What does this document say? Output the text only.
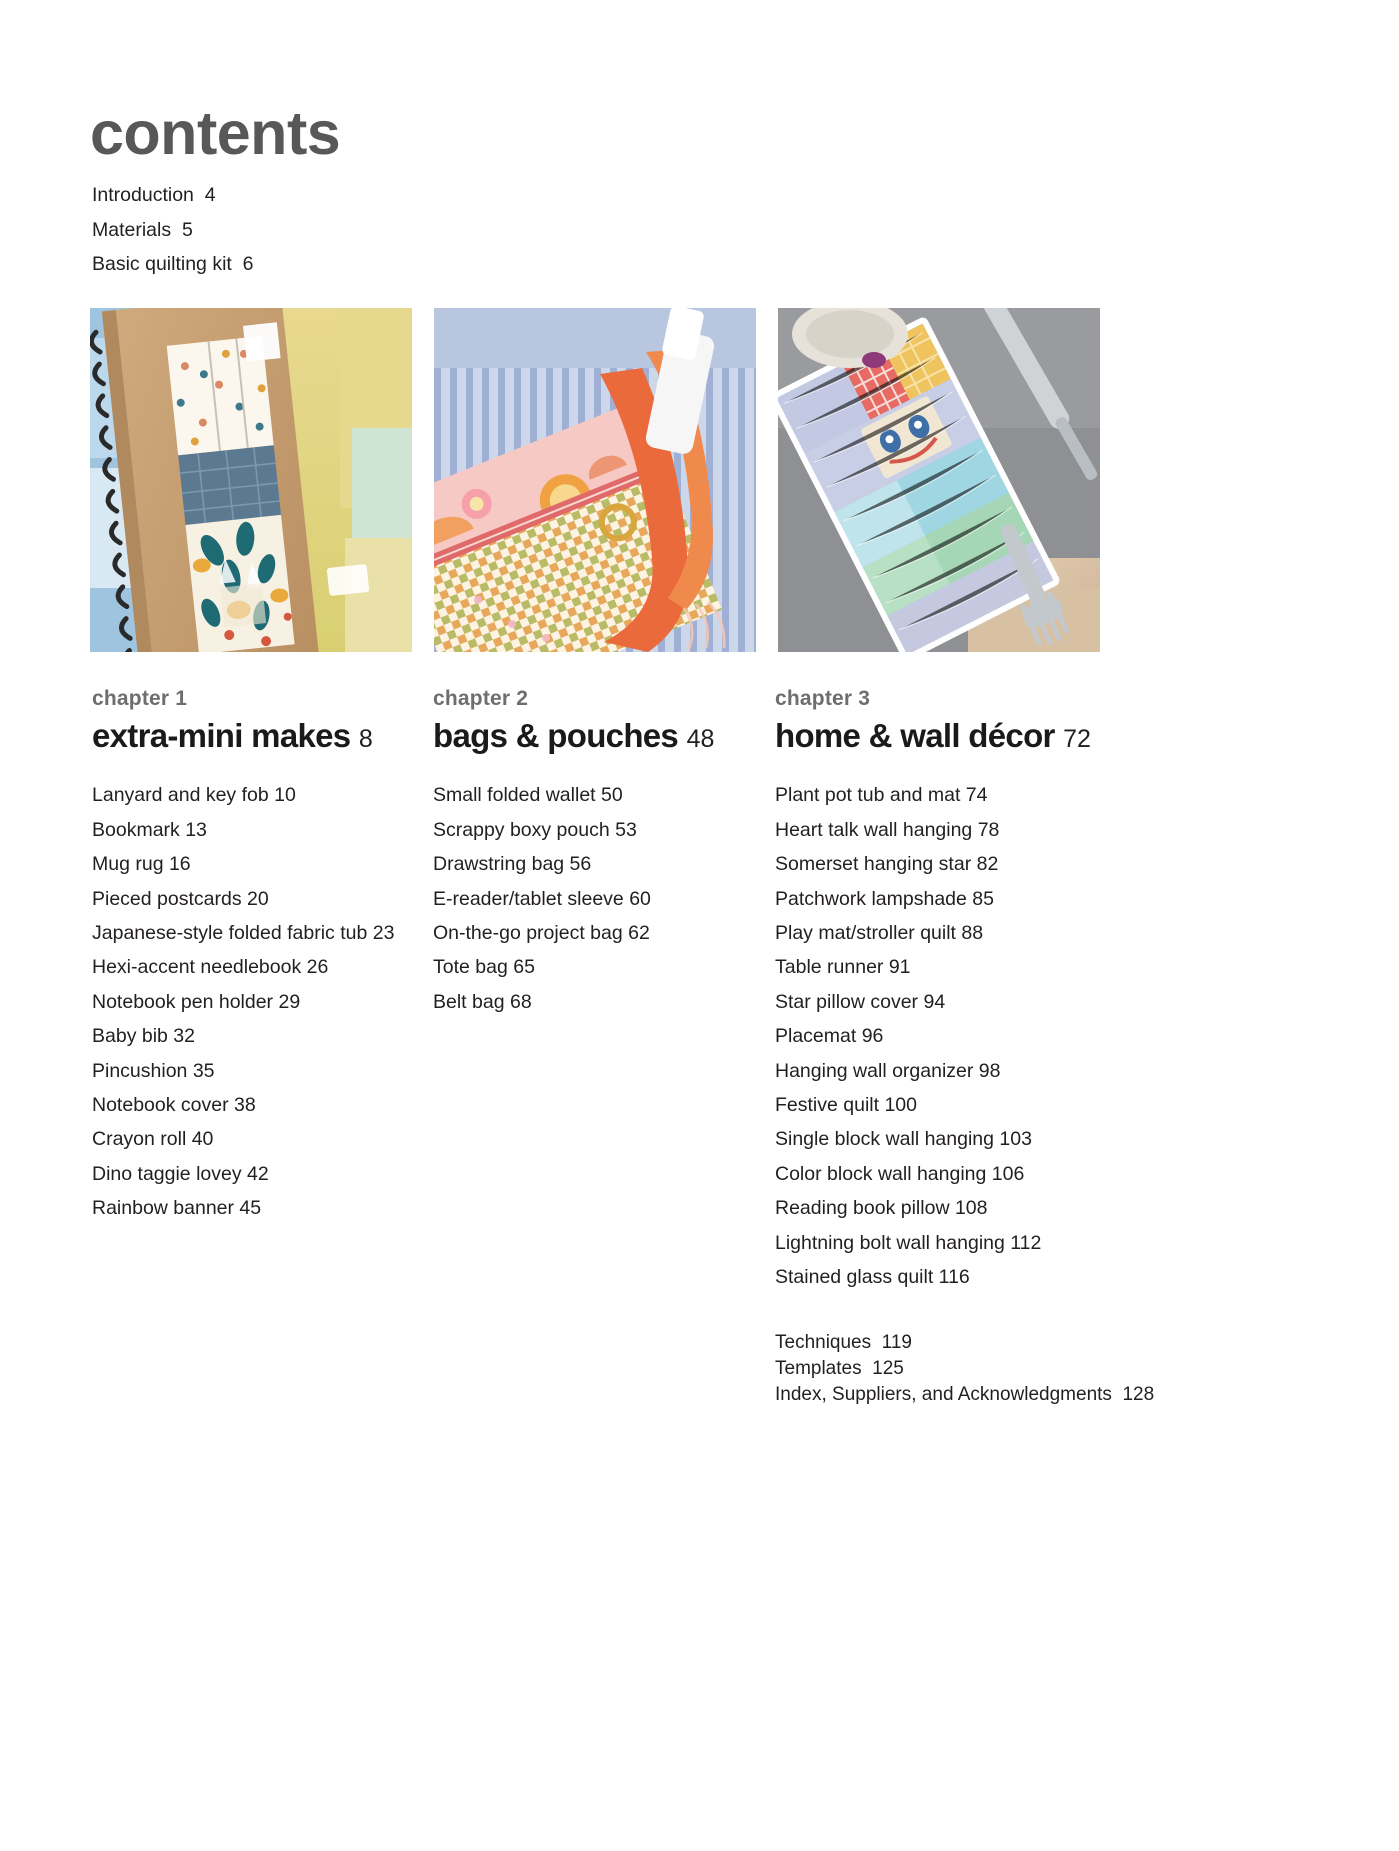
contents
Introduction  4
Materials  5
Basic quilting kit  6
chapter 1
extra-mini makes 8
Lanyard and key fob 10
Bookmark 13
Mug rug 16
Pieced postcards 20
Japanese-style folded fabric tub 23
Hexi-accent needlebook 26
Notebook pen holder 29
Baby bib 32
Pincushion 35
Notebook cover 38
Crayon roll 40
Dino taggie lovey 42
Rainbow banner 45
chapter 2
bags & pouches 48
Small folded wallet 50
Scrappy boxy pouch 53
Drawstring bag 56
E-reader/tablet sleeve 60
On-the-go project bag 62
Tote bag 65
Belt bag 68
chapter 3
home & wall décor 72
Plant pot tub and mat 74
Heart talk wall hanging 78
Somerset hanging star 82
Patchwork lampshade 85
Play mat/stroller quilt 88
Table runner 91
Star pillow cover 94
Placemat 96
Hanging wall organizer 98
Festive quilt 100
Single block wall hanging 103
Color block wall hanging 106
Reading book pillow 108
Lightning bolt wall hanging 112
Stained glass quilt 116
Techniques  119
Templates  125
Index, Suppliers, and Acknowledgments  128
